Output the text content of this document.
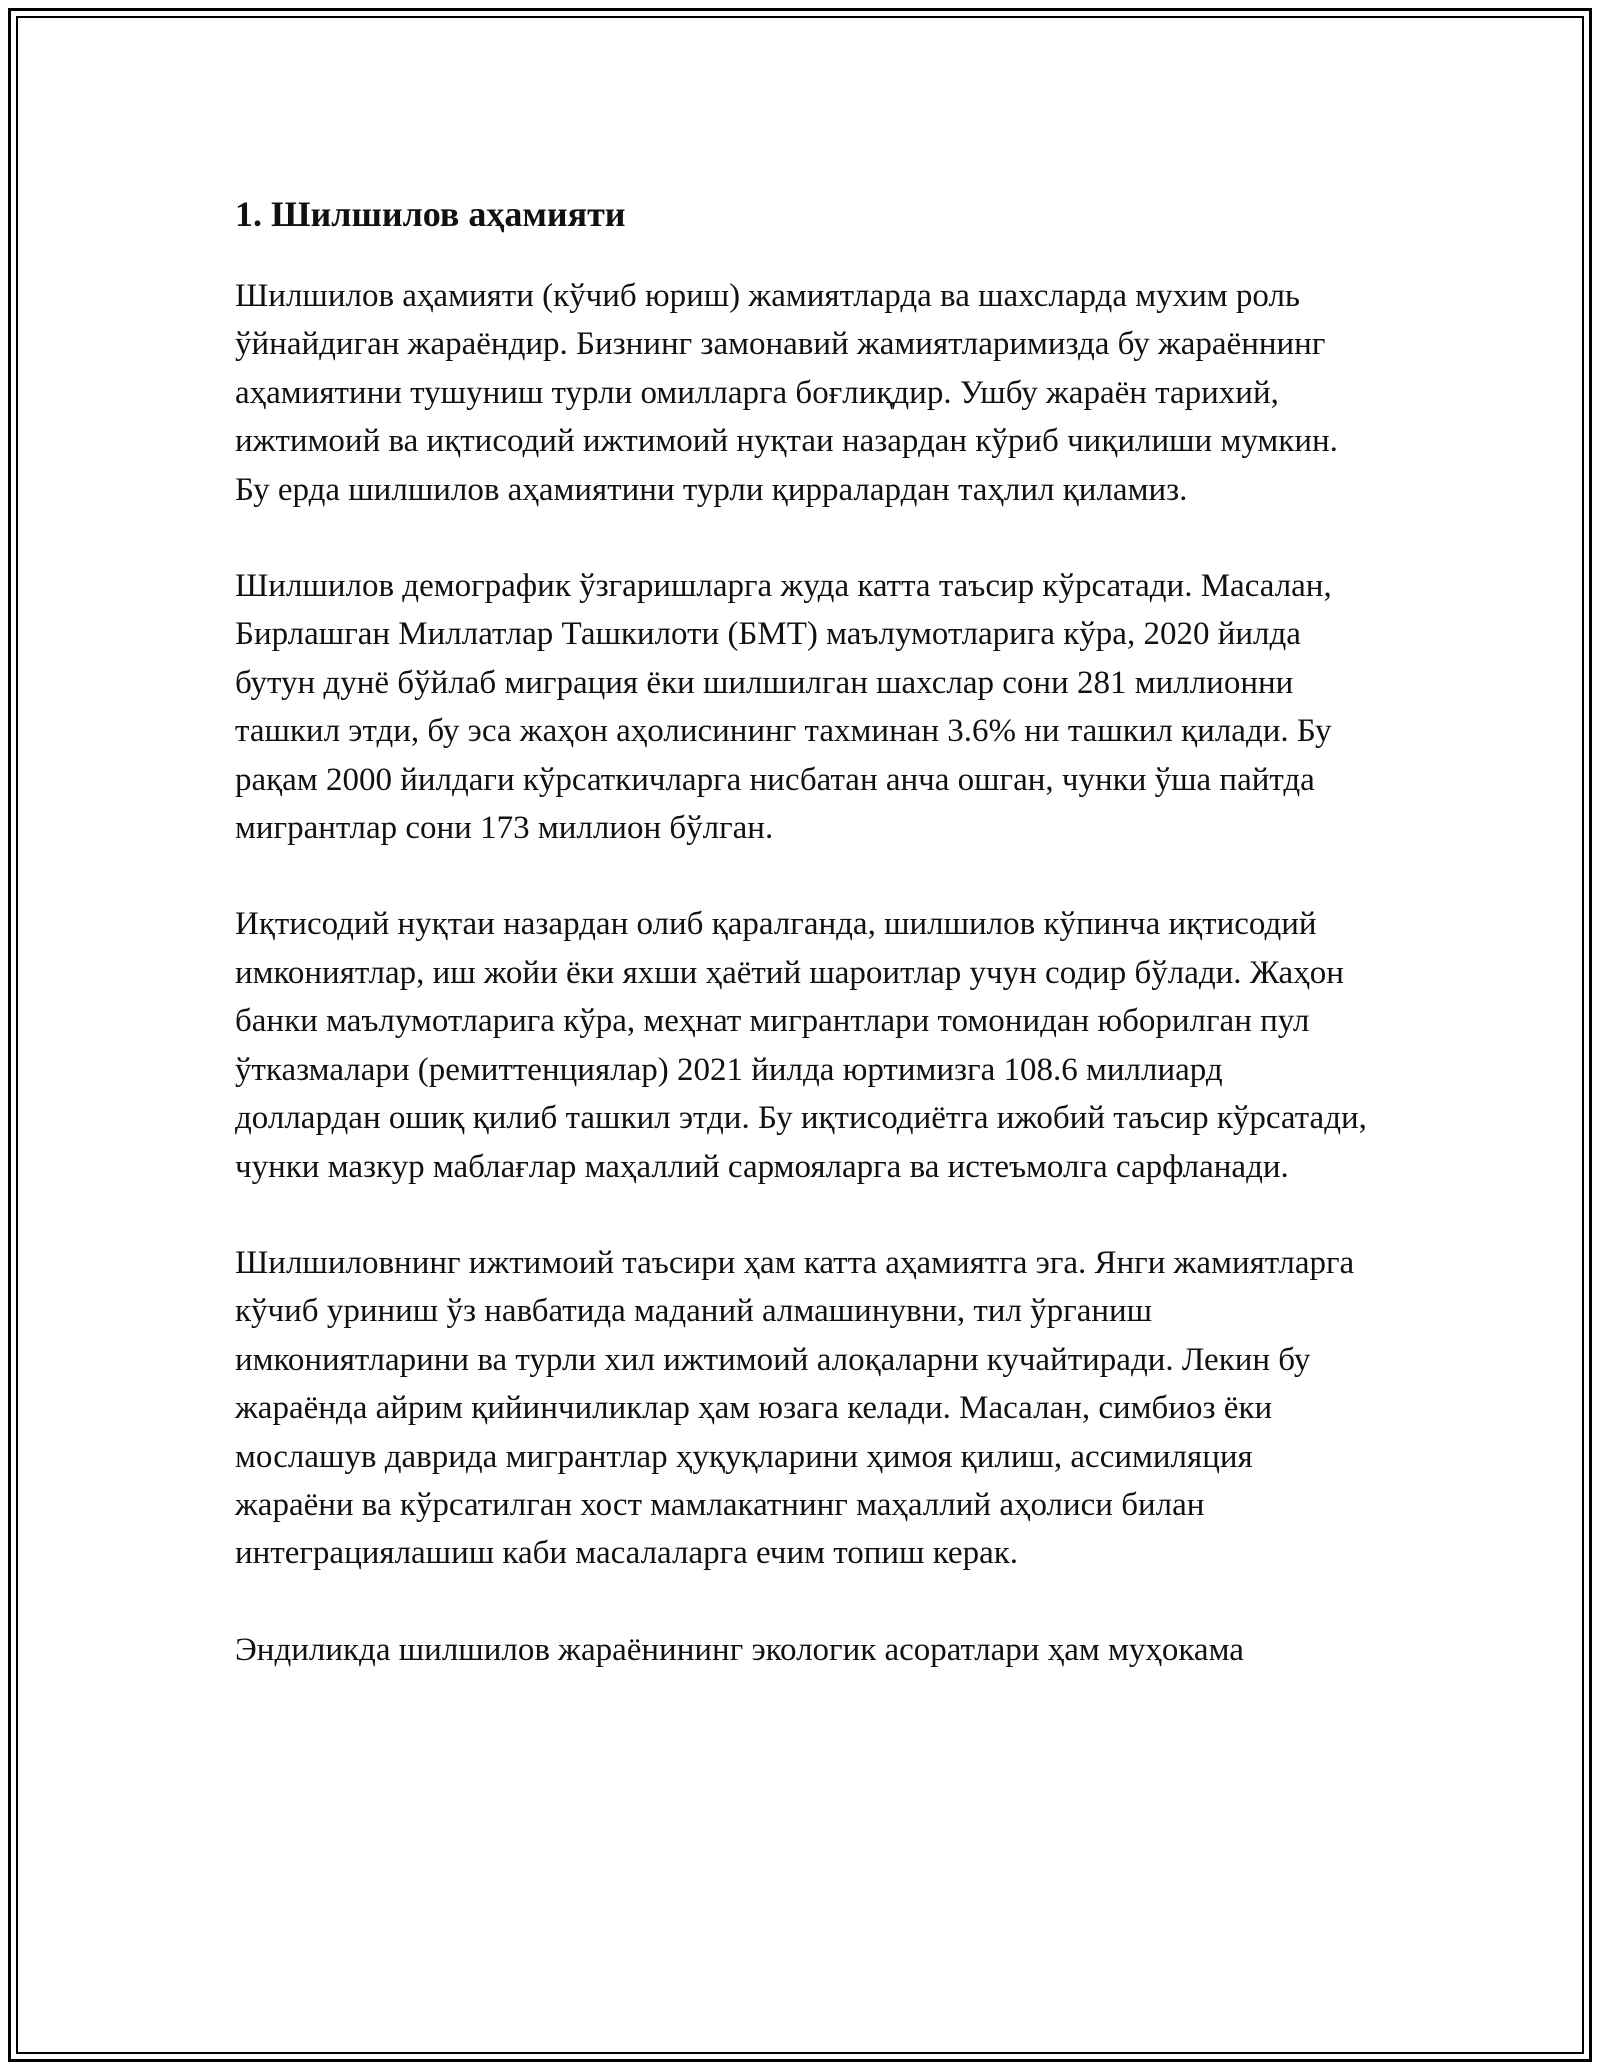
1. Шилшилов аҳамияти

Шилшилов аҳамияти (кўчиб юриш) жамиятларда ва шахсларда мухим роль ўйнайдиган жараёндир. Бизнинг замонавий жамиятларимизда бу жараённинг аҳамиятини тушуниш турли омилларга боғлиқдир. Ушбу жараён тарихий, ижтимоий ва иқтисодий ижтимоий нуқтаи назардан кўриб чиқилиши мумкин. Бу ерда шилшилов аҳамиятини турли қирралардан таҳлил қиламиз.

Шилшилов демографик ўзгаришларга жуда катта таъсир кўрсатади. Масалан, Бирлашган Миллатлар Ташкилоти (БМТ) маълумотларига кўра, 2020 йилда бутун дунё бўйлаб миграция ёки шилшилган шахслар сони 281 миллионни ташкил этди, бу эса жаҳон аҳолисининг тахминан 3.6% ни ташкил қилади. Бу рақам 2000 йилдаги кўрсаткичларга нисбатан анча ошган, чунки ўша пайтда мигрантлар сони 173 миллион бўлган.

Иқтисодий нуқтаи назардан олиб қаралганда, шилшилов кўпинча иқтисодий имкониятлар, иш жойи ёки яхши ҳаётий шароитлар учун содир бўлади. Жаҳон банки маълумотларига кўра, меҳнат мигрантлари томонидан юборилган пул ўтказмалари (ремиттенциялар) 2021 йилда юртимизга 108.6 миллиард доллардан ошиқ қилиб ташкил этди. Бу иқтисодиётга ижобий таъсир кўрсатади, чунки мазкур маблағлар маҳаллий сармояларга ва истеъмолга сарфланади.

Шилшиловнинг ижтимоий таъсири ҳам катта аҳамиятга эга. Янги жамиятларга кўчиб уриниш ўз навбатида маданий алмашинувни, тил ўрганиш имкониятларини ва турли хил ижтимоий алоқаларни кучайтиради. Лекин бу жараёнда айрим қийинчиликлар ҳам юзага келади. Масалан, симбиоз ёки мослашув даврида мигрантлар ҳуқуқларини ҳимоя қилиш, ассимиляция жараёни ва кўрсатилган хост мамлакатнинг маҳаллий аҳолиси билан интеграциялашиш каби масалаларга ечим топиш керак.

Эндиликда шилшилов жараёнининг экологик асоратлари ҳам муҳокама
